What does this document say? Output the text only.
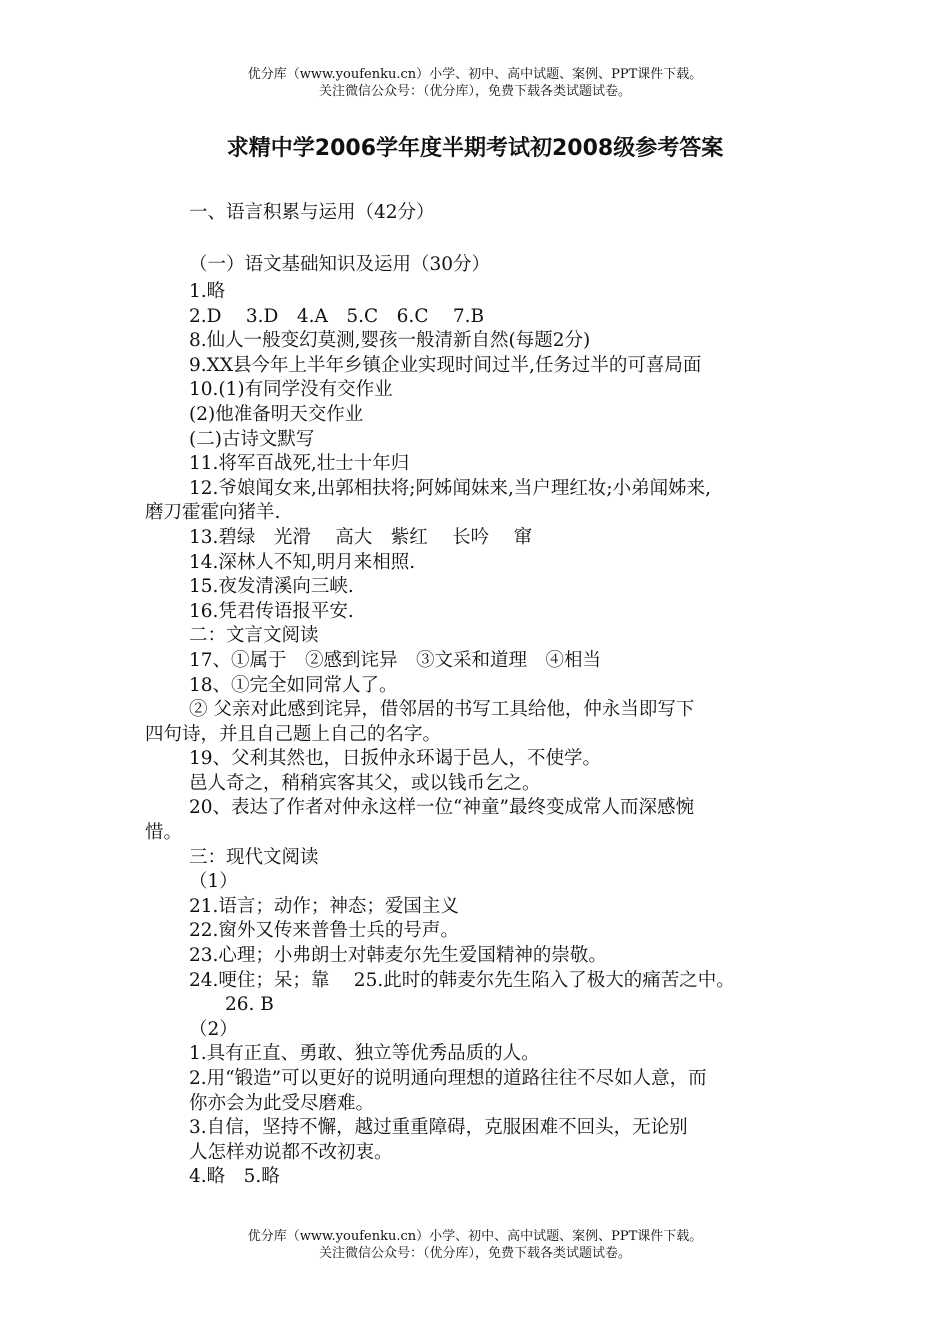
优分库（www.youfenku.cn）小学、初中、高中试题、案例、PPT课件下载。
关注微信公众号：（优分库），免费下载各类试题试卷。
求精中学2006学年度半期考试初2008级参考答案
一、语言积累与运用（42分）
（一）语文基础知识及运用（30分）
1.略
2.D　 3.D　4.A　5.C　6.C　 7.B
8.仙人一般变幻莫测,婴孩一般清新自然(每题2分)
9.XX县今年上半年乡镇企业实现时间过半,任务过半的可喜局面
10.(1)有同学没有交作业
(2)他准备明天交作业
(二)古诗文默写
11.将军百战死,壮士十年归
12.爷娘闻女来,出郭相扶将;阿姊闻妹来,当户理红妆;小弟闻姊来,
磨刀霍霍向猪羊.
13.碧绿　光滑　 高大　紫红　 长吟　 窜
14.深林人不知,明月来相照.
15.夜发清溪向三峡.
16.凭君传语报平安.
二：文言文阅读
17、①属于　②感到诧异　③文采和道理　④相当
18、①完全如同常人了。
② 父亲对此感到诧异，借邻居的书写工具给他，仲永当即写下
四句诗，并且自己题上自己的名字。
19、父利其然也，日扳仲永环谒于邑人，不使学。
邑人奇之，稍稍宾客其父，或以钱币乞之。
20、表达了作者对仲永这样一位“神童”最终变成常人而深感惋
惜。
三：现代文阅读
（1）
21.语言；动作；神态；爱国主义
22.窗外又传来普鲁士兵的号声。
23.心理；小弗朗士对韩麦尔先生爱国精神的崇敬。
24.哽住；呆；靠　 25.此时的韩麦尔先生陷入了极大的痛苦之中。
26. B
（2）
1.具有正直、勇敢、独立等优秀品质的人。
2.用“锻造”可以更好的说明通向理想的道路往往不尽如人意，而
你亦会为此受尽磨难。
3.自信，坚持不懈，越过重重障碍，克服困难不回头，无论别
人怎样劝说都不改初衷。
4.略　5.略
优分库（www.youfenku.cn）小学、初中、高中试题、案例、PPT课件下载。
关注微信公众号：（优分库），免费下载各类试题试卷。
